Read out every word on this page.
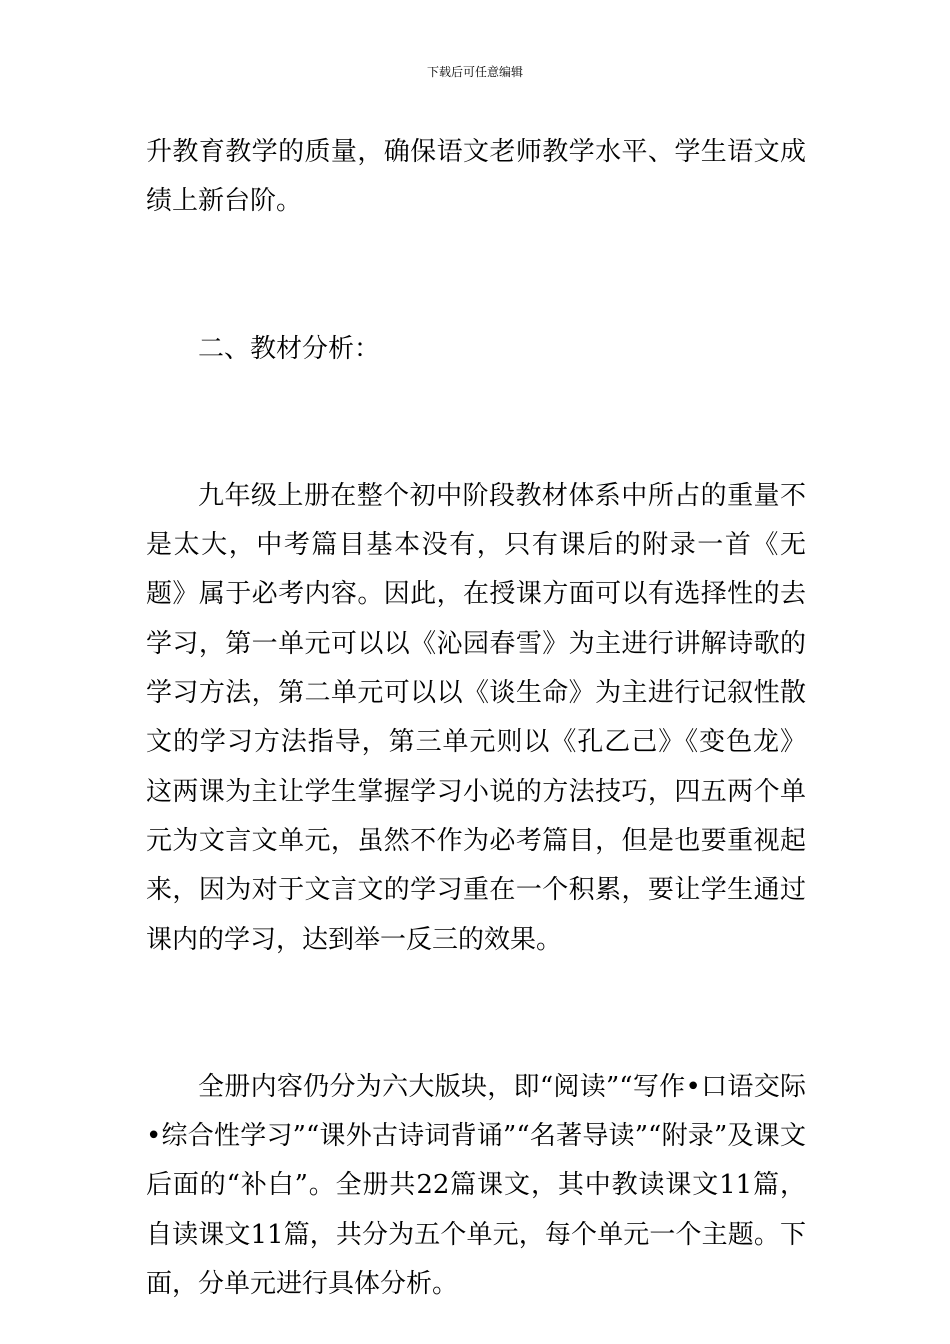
下载后可任意编辑

升教育教学的质量，确保语文老师教学水平、学生语文成绩上新台阶。

二、教材分析：

九年级上册在整个初中阶段教材体系中所占的重量不是太大，中考篇目基本没有，只有课后的附录一首《无题》属于必考内容。因此，在授课方面可以有选择性的去学习，第一单元可以以《沁园春雪》为主进行讲解诗歌的学习方法，第二单元可以以《谈生命》为主进行记叙性散文的学习方法指导，第三单元则以《孔乙己》《变色龙》这两课为主让学生掌握学习小说的方法技巧，四五两个单元为文言文单元，虽然不作为必考篇目，但是也要重视起来，因为对于文言文的学习重在一个积累，要让学生通过课内的学习，达到举一反三的效果。

全册内容仍分为六大版块，即“阅读”“写作•口语交际•综合性学习”“课外古诗词背诵”“名著导读”“附录”及课文后面的“补白”。全册共22篇课文，其中教读课文11篇，自读课文11篇，共分为五个单元，每个单元一个主题。下面，分单元进行具体分析。
